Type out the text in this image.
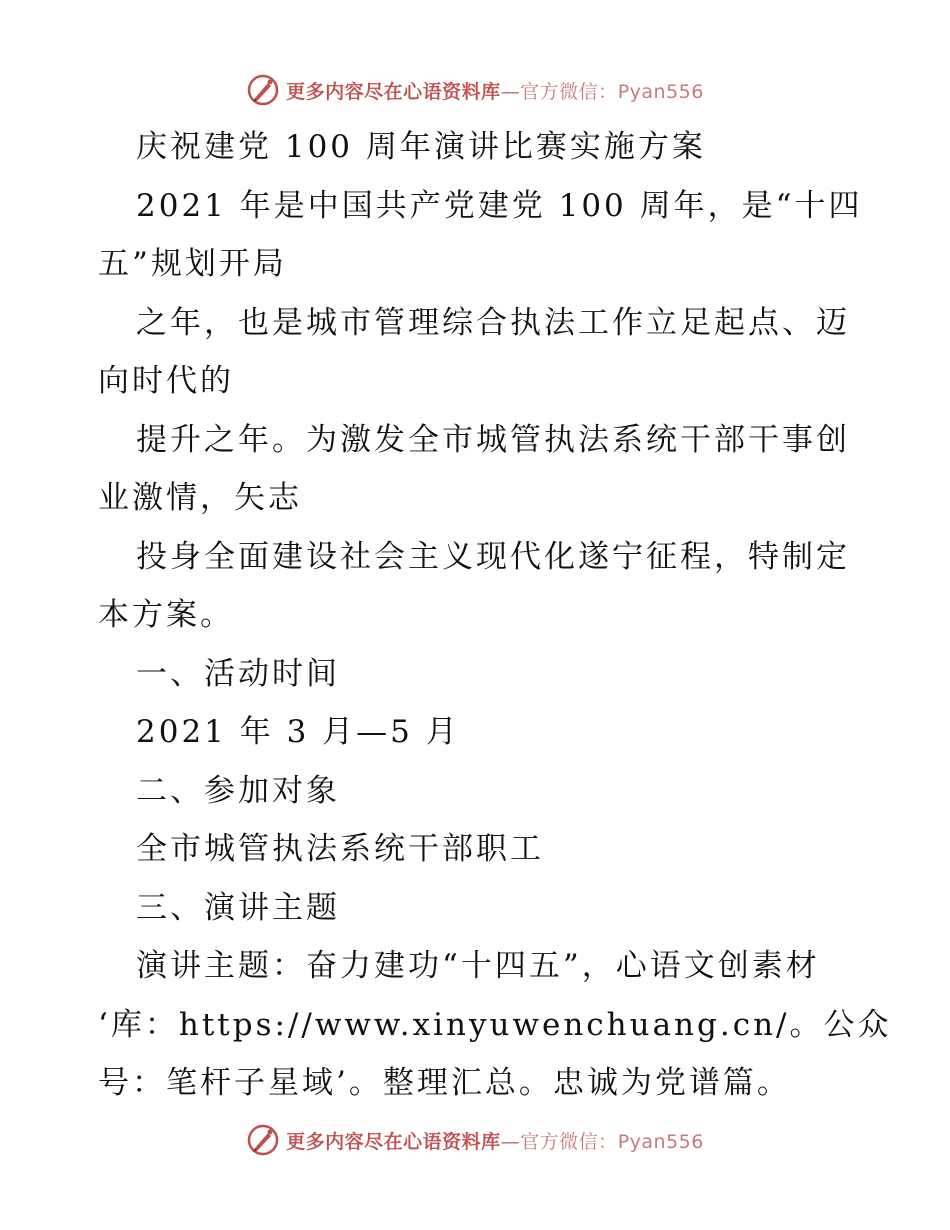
更多内容尽在心语资料库—官方微信：Pyan556
庆祝建党 100 周年演讲比赛实施方案
2021 年是中国共产党建党 100 周年，是“十四
五”规划开局
之年，也是城市管理综合执法工作立足起点、迈
向时代的
提升之年。为激发全市城管执法系统干部干事创
业激情，矢志
投身全面建设社会主义现代化遂宁征程，特制定
本方案。
一、活动时间
2021 年 3 月—5 月
二、参加对象
全市城管执法系统干部职工
三、演讲主题
演讲主题：奋力建功“十四五”，心语文创素材
‘库：https://www.xinyuwenchuang.cn/。公众
号：笔杆子星域’。整理汇总。忠诚为党谱篇。
更多内容尽在心语资料库—官方微信：Pyan556
